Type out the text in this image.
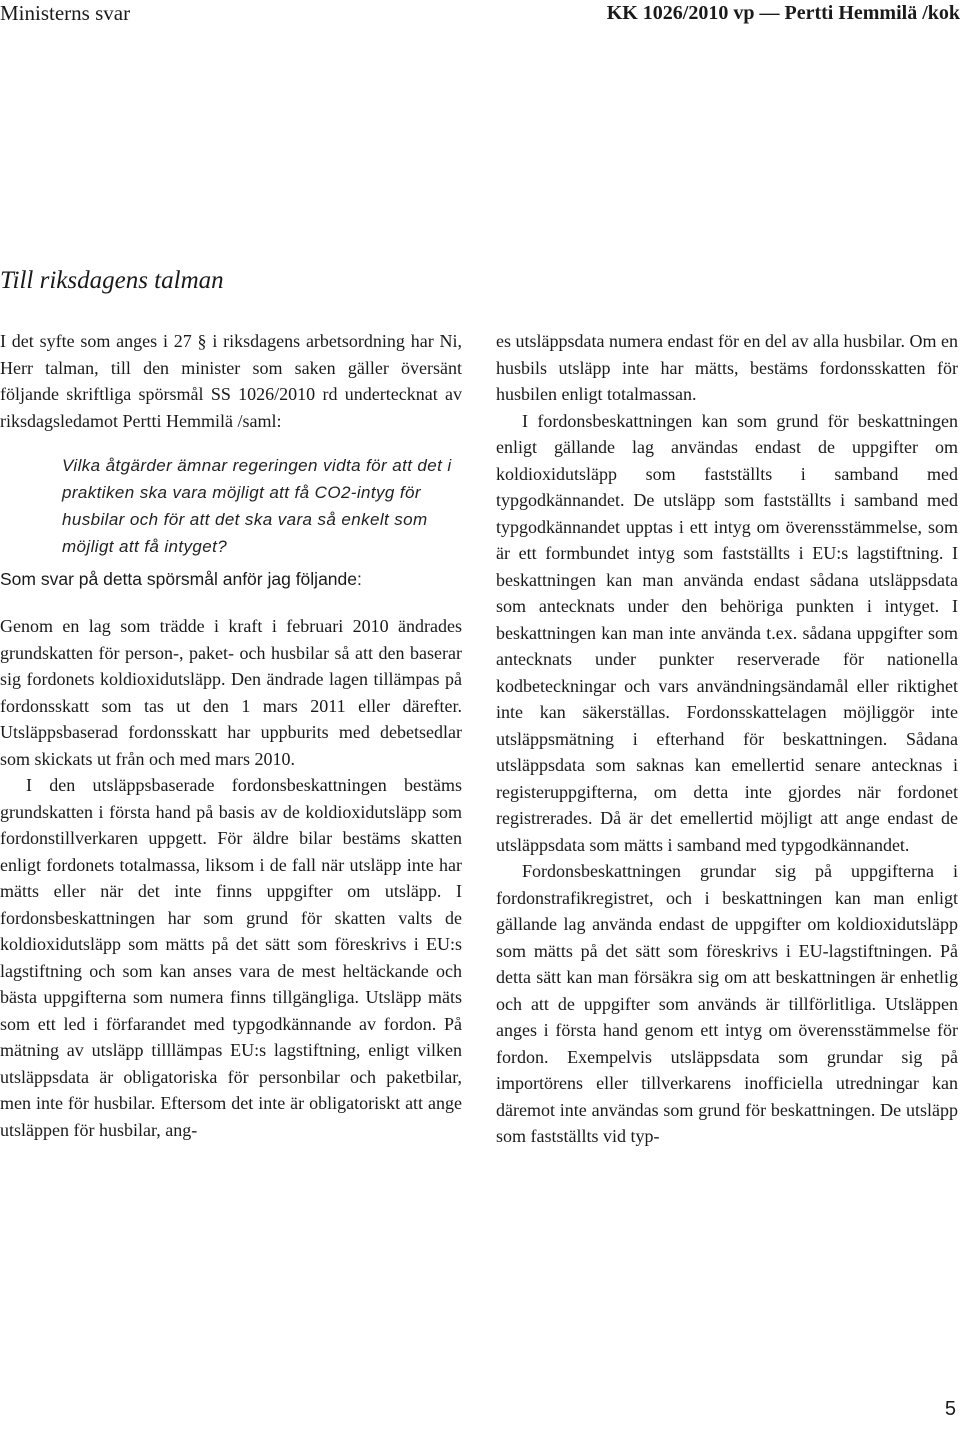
Ministerns svar	KK 1026/2010 vp — Pertti Hemmilä /kok
Till riksdagens talman

I det syfte som anges i 27 § i riksdagens arbetsordning har Ni, Herr talman, till den minister som saken gäller översänt följande skriftliga spörsmål SS 1026/2010 rd undertecknat av riksdagsledamot Pertti Hemmilä /saml:

Vilka åtgärder ämnar regeringen vidta för att det i praktiken ska vara möjligt att få CO2-intyg för husbilar och för att det ska vara så enkelt som möjligt att få intyget?

Som svar på detta spörsmål anför jag följande:

Genom en lag som trädde i kraft i februari 2010 ändrades grundskatten för person-, paket- och husbilar så att den baserar sig fordonets koldioxidutsläpp. Den ändrade lagen tillämpas på fordonsskatt som tas ut den 1 mars 2011 eller därefter. Utsläppsbaserad fordonsskatt har uppburits med debetsedlar som skickats ut från och med mars 2010.

I den utsläppsbaserade fordonsbeskattningen bestäms grundskatten i första hand på basis av de koldioxidutsläpp som fordonstillverkaren uppgett. För äldre bilar bestäms skatten enligt fordonets totalmassa, liksom i de fall när utsläpp inte har mätts eller när det inte finns uppgifter om utsläpp. I fordonsbeskattningen har som grund för skatten valts de koldioxidutsläpp som mätts på det sätt som föreskrivs i EU:s lagstiftning och som kan anses vara de mest heltäckande och bästa uppgifterna som numera finns tillgängliga. Utsläpp mäts som ett led i förfarandet med typgodkännande av fordon. På mätning av utsläpp tilllämpas EU:s lagstiftning, enligt vilken utsläppsdata är obligatoriska för personbilar och paketbilar, men inte för husbilar. Eftersom det inte är obligatoriskt att ange utsläppen för husbilar, ang-

es utsläppsdata numera endast för en del av alla husbilar. Om en husbils utsläpp inte har mätts, bestäms fordonsskatten för husbilen enligt totalmassan.

I fordonsbeskattningen kan som grund för beskattningen enligt gällande lag användas endast de uppgifter om koldioxidutsläpp som fastställts i samband med typgodkännandet. De utsläpp som fastställts i samband med typgodkännandet upptas i ett intyg om överensstämmelse, som är ett formbundet intyg som fastställts i EU:s lagstiftning. I beskattningen kan man använda endast sådana utsläppsdata som antecknats under den behöriga punkten i intyget. I beskattningen kan man inte använda t.ex. sådana uppgifter som antecknats under punkter reserverade för nationella kodbeteckningar och vars användningsändamål eller riktighet inte kan säkerställas. Fordonsskattelagen möjliggör inte utsläppsmätning i efterhand för beskattningen. Sådana utsläppsdata som saknas kan emellertid senare antecknas i registeruppgifterna, om detta inte gjordes när fordonet registrerades. Då är det emellertid möjligt att ange endast de utsläppsdata som mätts i samband med typgodkännandet.

Fordonsbeskattningen grundar sig på uppgifterna i fordonstrafikregistret, och i beskattningen kan man enligt gällande lag använda endast de uppgifter om koldioxidutsläpp som mätts på det sätt som föreskrivs i EU-lagstiftningen. På detta sätt kan man försäkra sig om att beskattningen är enhetlig och att de uppgifter som används är tillförlitliga. Utsläppen anges i första hand genom ett intyg om överensstämmelse för fordon. Exempelvis utsläppsdata som grundar sig på importörens eller tillverkarens inofficiella utredningar kan däremot inte användas som grund för beskattningen. De utsläpp som fastställts vid typ-

5
